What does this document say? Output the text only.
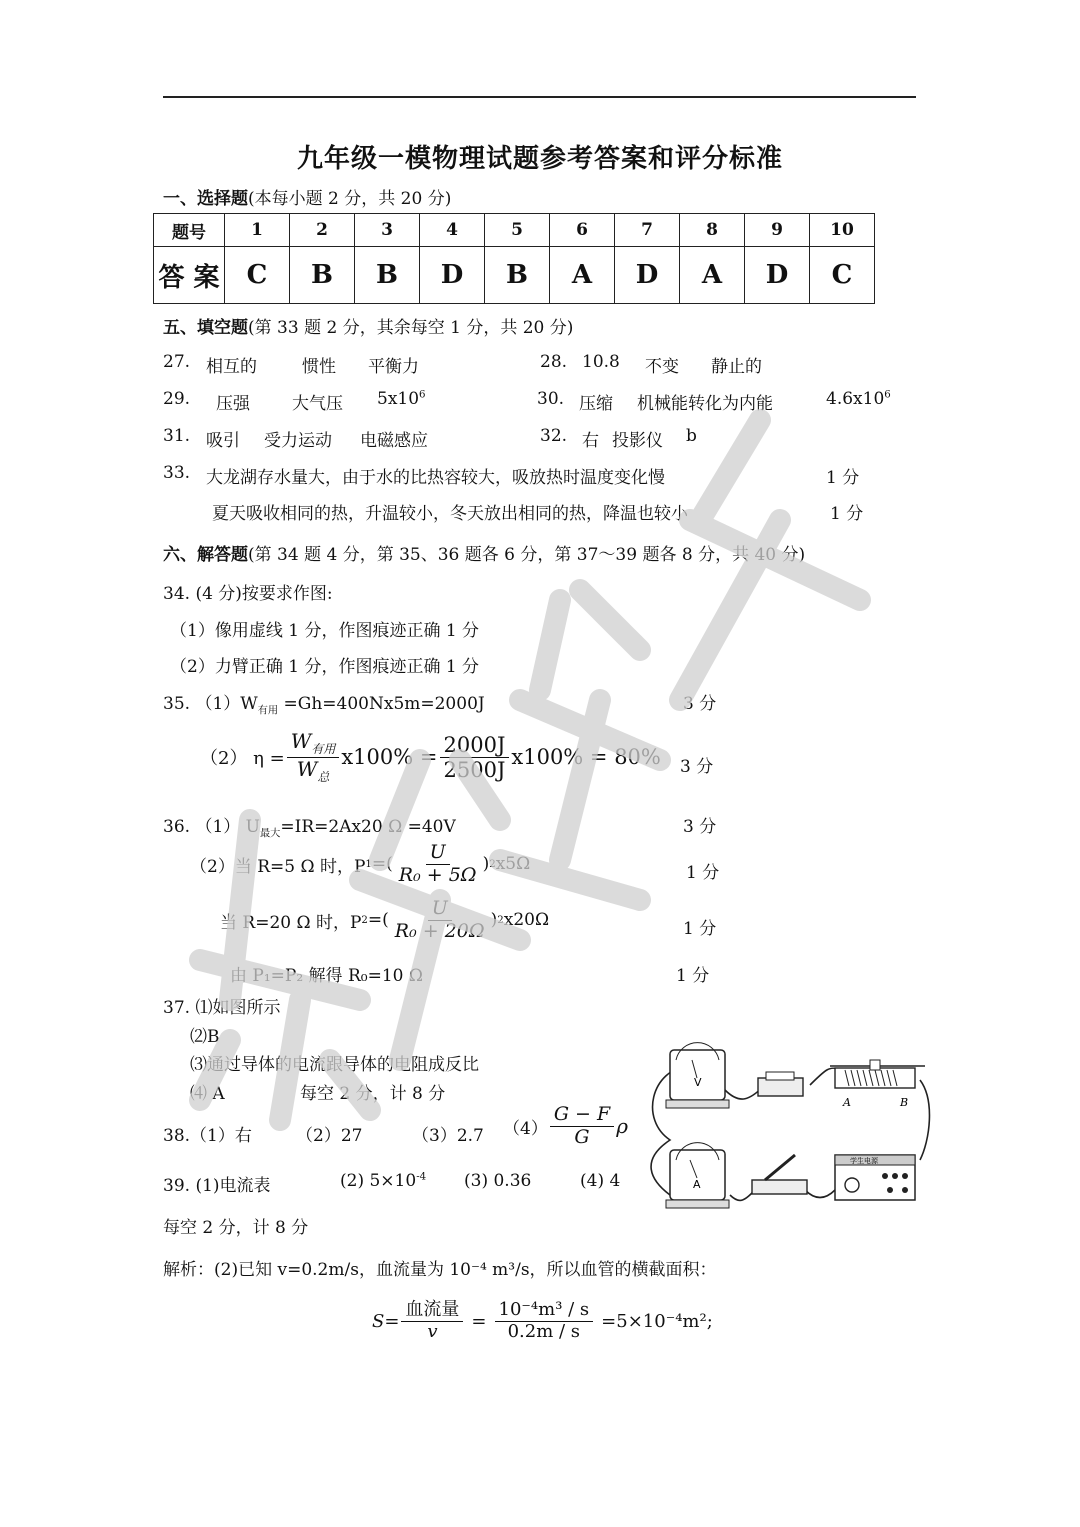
九年级一模物理试题参考答案和评分标准
一、选择题(本每小题 2 分，共 20 分)
题号	1	2	3	4	5	6	7	8	9	10
答 案	C	B	B	D	B	A	D	A	D	C
五、填空题(第 33 题 2 分，其余每空 1 分，共 20 分)
27. 相互的	惯性 平衡力	28. 10.8 不变 静止的
29. 压强 大气压 $5x10^6$	30. 压缩 机械能转化为内能	$4.6x10^6$
31. 吸引 受力运动 电磁感应	32. 右 投影仪 b
33. 大龙湖存水量大，由于水的比热容较大，吸放热时温度变化慢	1 分
夏天吸收相同的热，升温较小，冬天放出相同的热，降温也较小	1 分
六、解答题(第 34 题 4 分，第 35、36 题各 6 分，第 37～39 题各 8 分，共 40 分)
34. (4 分)按要求作图:
（1）像用虚线 1 分，作图痕迹正确 1 分
（2）力臂正确 1 分，作图痕迹正确 1 分
35. $(1)W_{有用} =Gh=400Nx5m=2000J$	3 分
（2） $\eta = \frac{W_{有用}}{W_总} x100\% = \frac{2000J}{2500J} x100\% = 80\%$ 3 分
36. （1） $U_{最大}=IR=2Ax20$ Ω =40V	3 分
（2）当 R=5 Ω 时，P 1 =( $\frac{U}{\text{R₀ + 5Ω}}$ ) 2 x5Ω	1 分
当 R=20 Ω 时，P 2 =( $\frac{U}{\text{R₀ + 20Ω}}$ ) 2 x20Ω	1 分
由 P₁=P₂ 解得 R₀=10 Ω	1 分
37. ⑴如图所示
⑵B
⑶通过导体的电流跟导体的电阻成反比
⑷ A	每空 2 分，计 8 分
38.（1）右	（2）27	（3）2.7 $(4) \frac{G - F}{G}$ ρ
39. (1)电流表	(2) $5\times 10^{-4}$ (3) 0.36	(4) 4
每空 2 分，计 8 分
解析：(2)已知 v=0.2m/s，血流量为 10⁻⁴ m³/s，所以血管的横截面积：
$S= \frac{\text{血流量}}{v} = \frac{\text{10⁻⁴m³ / s}}{0.2m / s} =5\times 10^{-4}m^2$;
V
A	B
A
学生电源
